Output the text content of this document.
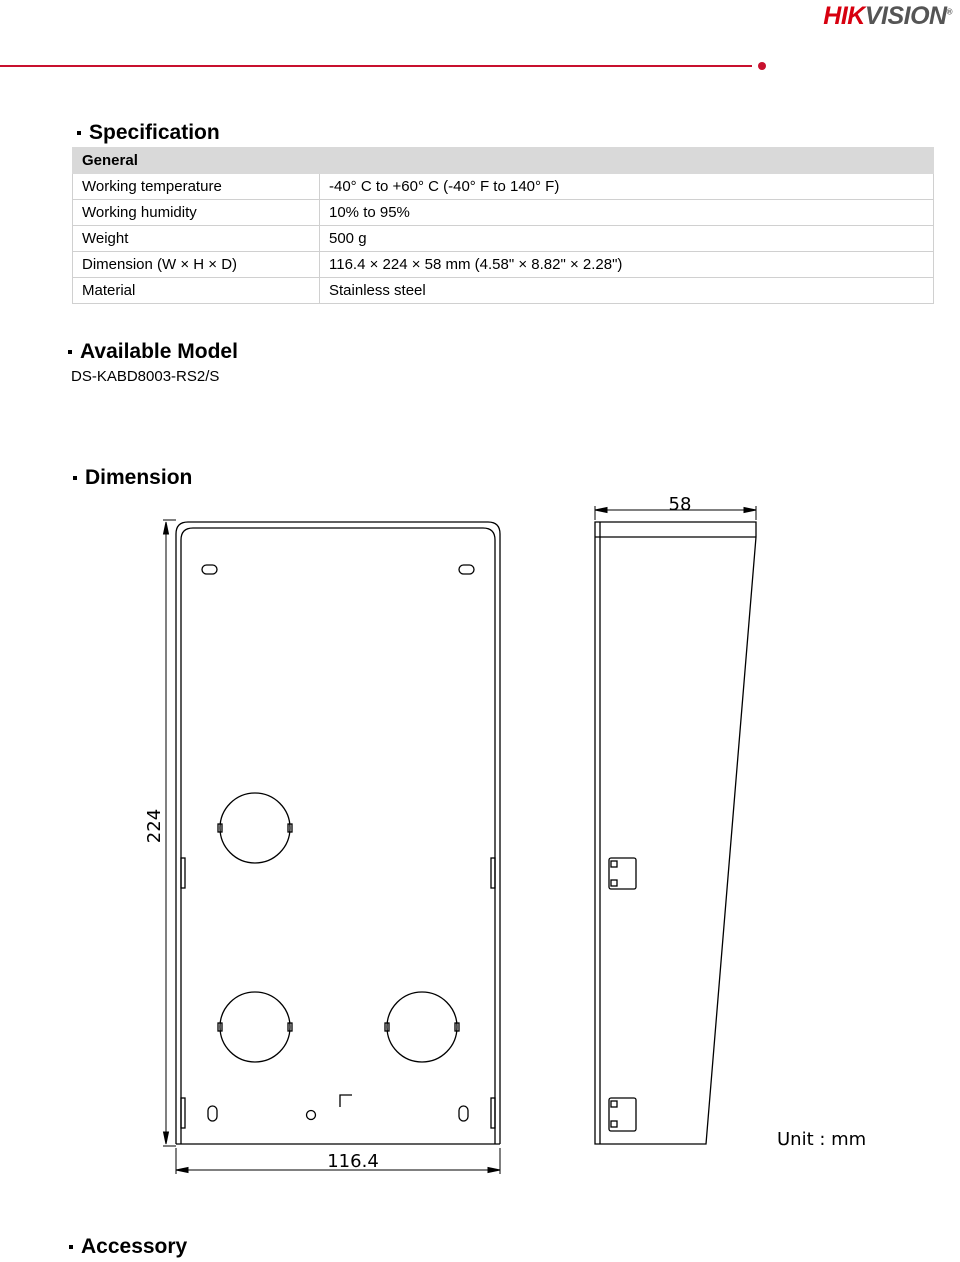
HIKVISION®
Specification
General	
Working temperature	-40° C to +60° C (-40° F to 140° F)
Working humidity	10% to 95%
Weight	500 g
Dimension (W × H × D)	116.4 × 224 × 58 mm (4.58" × 8.82" × 2.28")
Material	Stainless steel
Available Model
DS-KABD8003-RS2/S
Dimension
224
116.4
58
Unit : mm
Accessory
